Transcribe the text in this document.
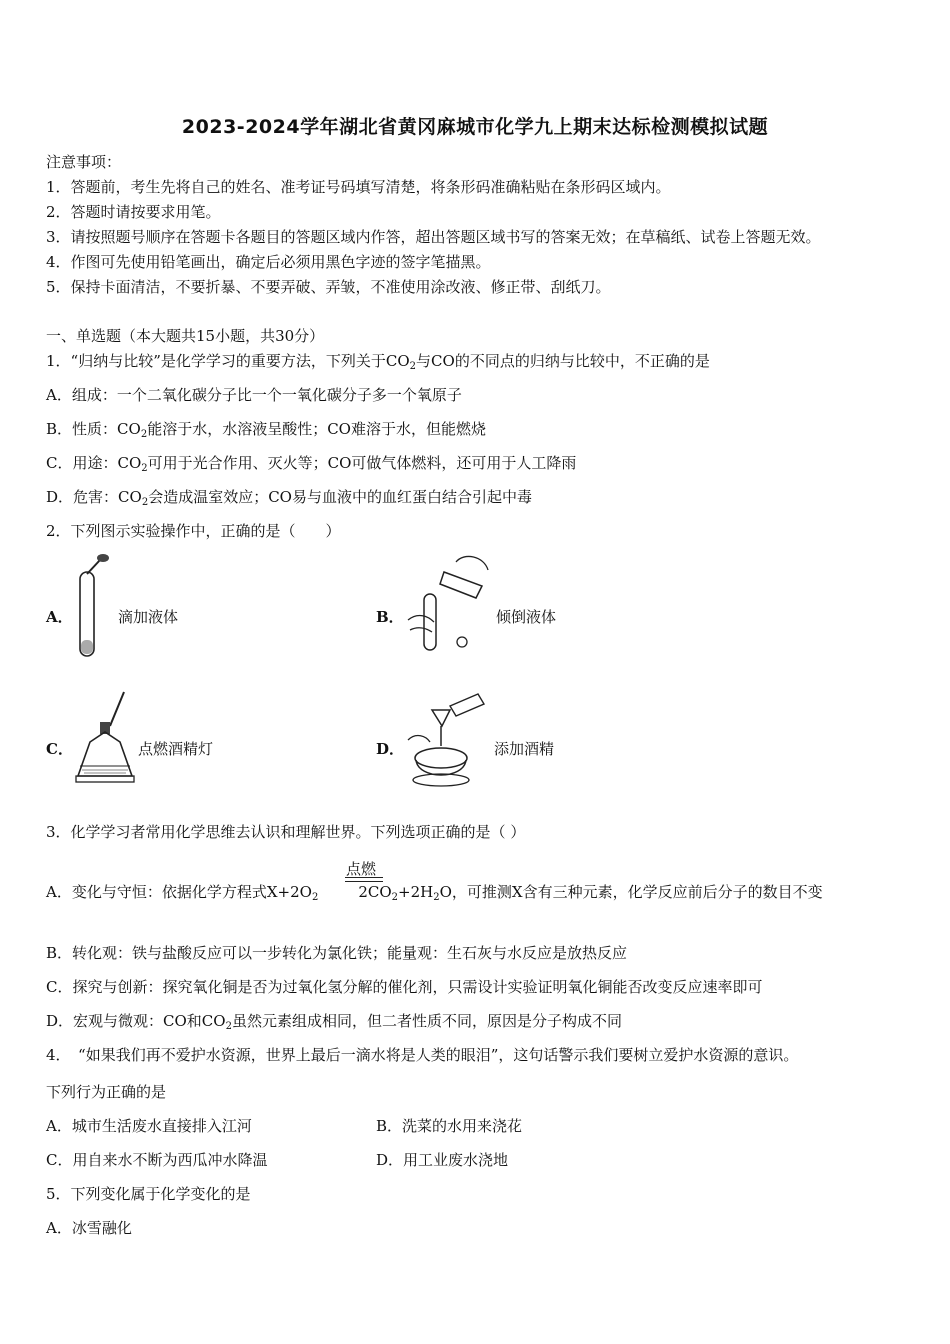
2023-2024学年湖北省黄冈麻城市化学九上期末达标检测模拟试题
注意事项：
1．答题前，考生先将自己的姓名、准考证号码填写清楚，将条形码准确粘贴在条形码区域内。
2．答题时请按要求用笔。
3．请按照题号顺序在答题卡各题目的答题区域内作答，超出答题区域书写的答案无效；在草稿纸、试卷上答题无效。
4．作图可先使用铅笔画出，确定后必须用黑色字迹的签字笔描黑。
5．保持卡面清洁，不要折暴、不要弄破、弄皱，不准使用涂改液、修正带、刮纸刀。
一、单选题（本大题共15小题，共30分）
1．“归纳与比较”是化学学习的重要方法，下列关于$CO_2$与CO的不同点的归纳与比较中，不正确的是
A．组成：一个二氧化碳分子比一个一氧化碳分子多一个氧原子
B．性质：$CO_2$能溶于水，水溶液呈酸性；CO难溶于水，但能燃烧
C．用途：$CO_2$可用于光合作用、灭火等；CO可做气体燃料，还可用于人工降雨
D．危害：$CO_2$会造成温室效应；CO易与血液中的血红蛋白结合引起中毒
2．下列图示实验操作中，正确的是（　　）
A．	滴加液体	B．	倾倒液体
C．	点燃酒精灯	D．	添加酒精
3．化学学习者常用化学思维去认识和理解世界。下列选项正确的是（ ）
点燃
A．变化与守恒：依据化学方程式$X+2O_2$	$2CO_2+2H_2O$，可推测X含有三种元素，化学反应前后分子的数目不变
B．转化观：铁与盐酸反应可以一步转化为氯化铁；能量观：生石灰与水反应是放热反应
C．探究与创新：探究氧化铜是否为过氧化氢分解的催化剂，只需设计实验证明氧化铜能否改变反应速率即可
D．宏观与微观：CO和$CO_2$虽然元素组成相同，但二者性质不同，原因是分子构成不同
4．　“如果我们再不爱护水资源，世界上最后一滴水将是人类的眼泪”，这句话警示我们要树立爱护水资源的意识。
下列行为正确的是
A．城市生活废水直接排入江河	B．洗菜的水用来浇花
C．用自来水不断为西瓜冲水降温	D．用工业废水浇地
5．下列变化属于化学变化的是
A．冰雪融化
